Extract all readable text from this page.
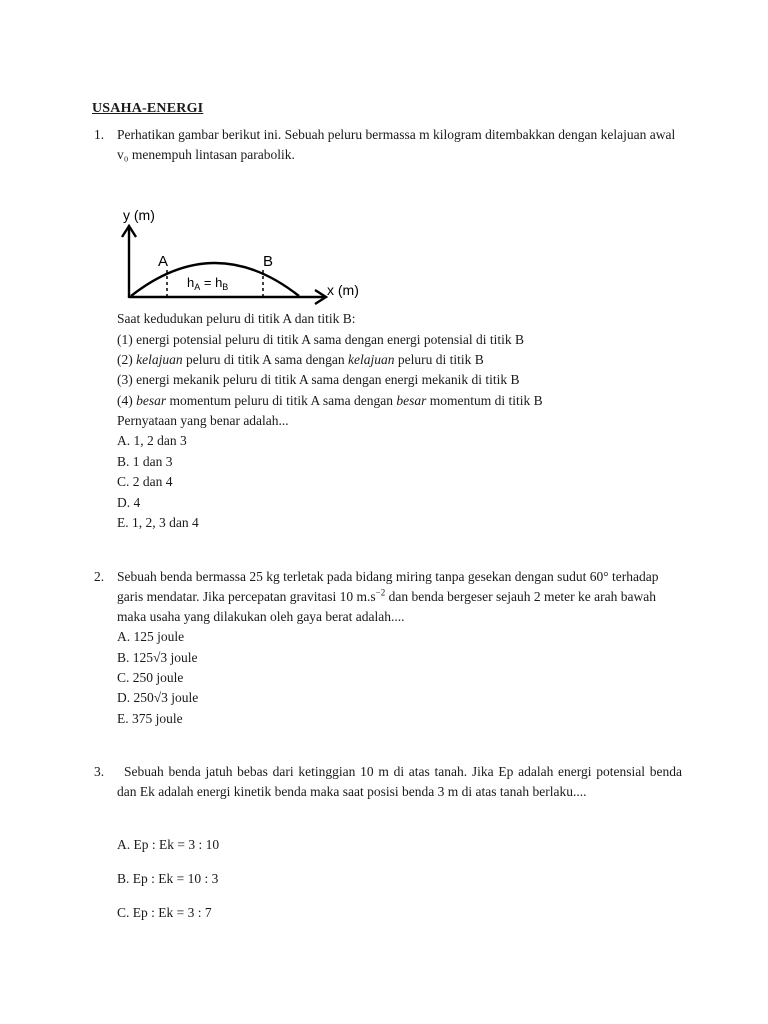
USAHA-ENERGI
1. Perhatikan gambar berikut ini. Sebuah peluru bermassa m kilogram ditembakkan dengan kelajuan awal v₀ menempuh lintasan parabolik.
y (m)
x (m)
A	B
$h_A = h_B$
Saat kedudukan peluru di titik A dan titik B:
(1) energi potensial peluru di titik A sama dengan energi potensial di titik B
(2) kelajuan peluru di titik A sama dengan kelajuan peluru di titik B
(3) energi mekanik peluru di titik A sama dengan energi mekanik di titik B
(4) besar momentum peluru di titik A sama dengan besar momentum di titik B
Pernyataan yang benar adalah...
A. 1, 2 dan 3
B. 1 dan 3
C. 2 dan 4
D. 4
E. 1, 2, 3 dan 4
2. Sebuah benda bermassa 25 kg terletak pada bidang miring tanpa gesekan dengan sudut 60° terhadap garis mendatar. Jika percepatan gravitasi 10 $m.s^{-2}$ dan benda bergeser sejauh 2 meter ke arah bawah maka usaha yang dilakukan oleh gaya berat adalah....
A. 125 joule
B. 125√3 joule
C. 250 joule
D. 250√3 joule
E. 375 joule
3.	Sebuah benda jatuh bebas dari ketinggian 10 m di atas tanah. Jika Ep adalah energi potensial benda dan Ek adalah energi kinetik benda maka saat posisi benda 3 m di atas tanah berlaku....
A. Ep : Ek = 3 : 10
B. Ep : Ek = 10 : 3
C. Ep : Ek = 3 : 7
